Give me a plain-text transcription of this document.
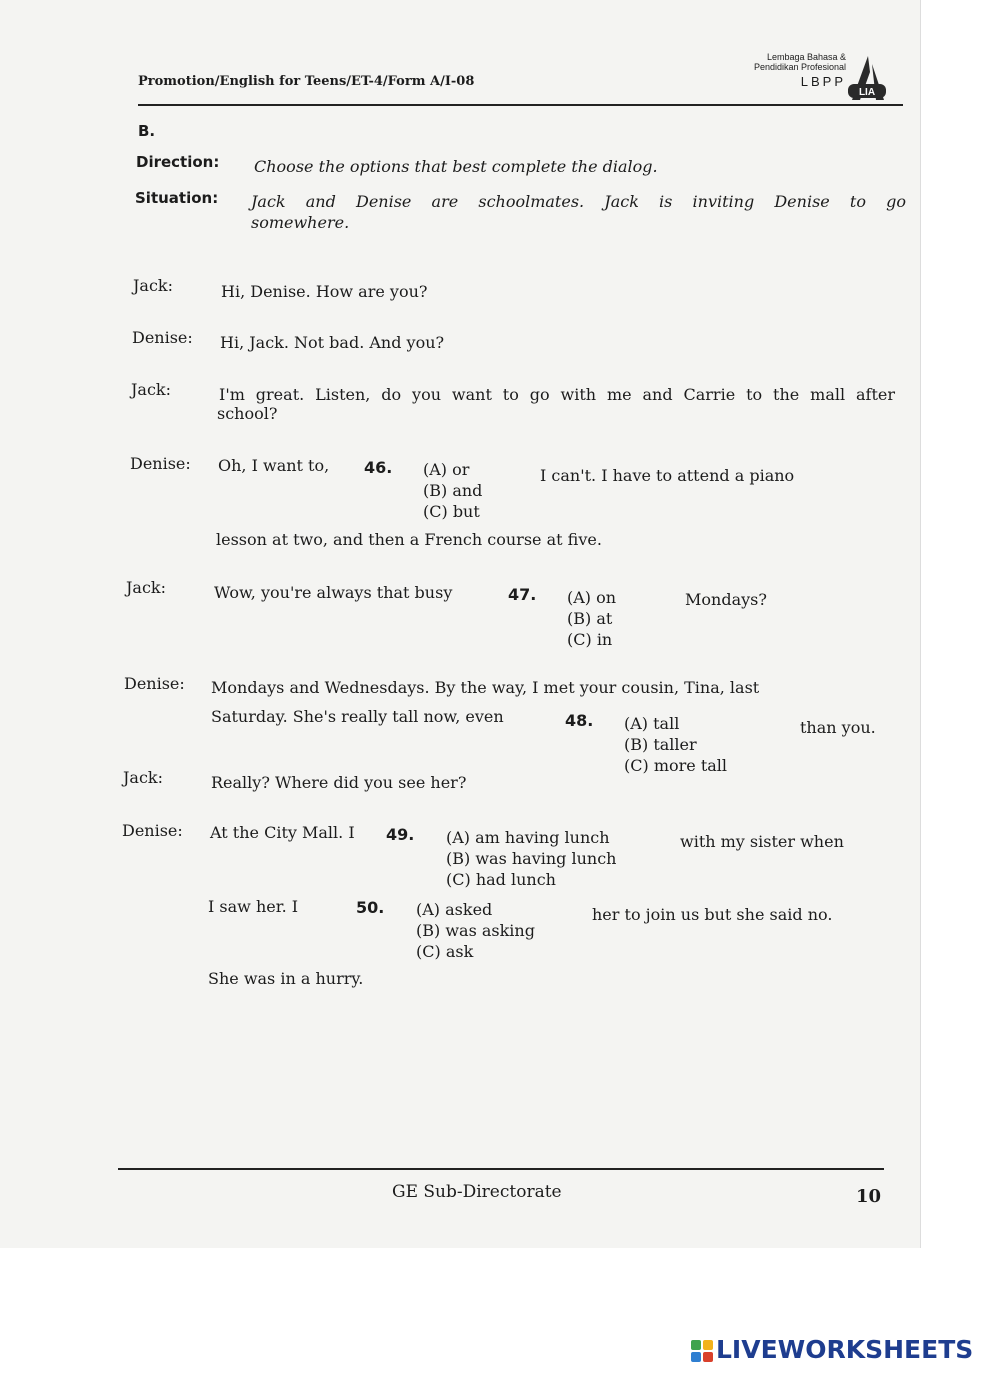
Promotion/English for Teens/ET-4/Form A/I-08
Lembaga Bahasa &
Pendidikan Profesional
LBPP
LIA
B.
Direction: Choose the options that best complete the dialog.
Situation: Jack and Denise are schoolmates. Jack is inviting Denise to go
somewhere.
Jack:	Hi, Denise. How are you?
Denise: Hi, Jack. Not bad. And you?
Jack:	I'm great. Listen, do you want to go with me and Carrie to the mall after
school?
Denise: Oh, I want to, 46. (A) or
(B) and
(C) but
I can't. I have to attend a piano
lesson at two, and then a French course at five.
Jack:	Wow, you're always that busy	47. (A) on
(B) at
(C) in
Mondays?
Denise: Mondays and Wednesdays. By the way, I met your cousin, Tina, last
Saturday. She's really tall now, even	48. (A) tall
(B) taller
(C) more tall
than you.
Jack:	Really? Where did you see her?
Denise: At the City Mall. I 49. (A) am having lunch
(B) was having lunch
(C) had lunch
with my sister when
I saw her. I	50. (A) asked
(B) was asking
(C) ask
her to join us but she said no.
She was in a hurry.
GE Sub-Directorate	10
LIVEWORKSHEETS
